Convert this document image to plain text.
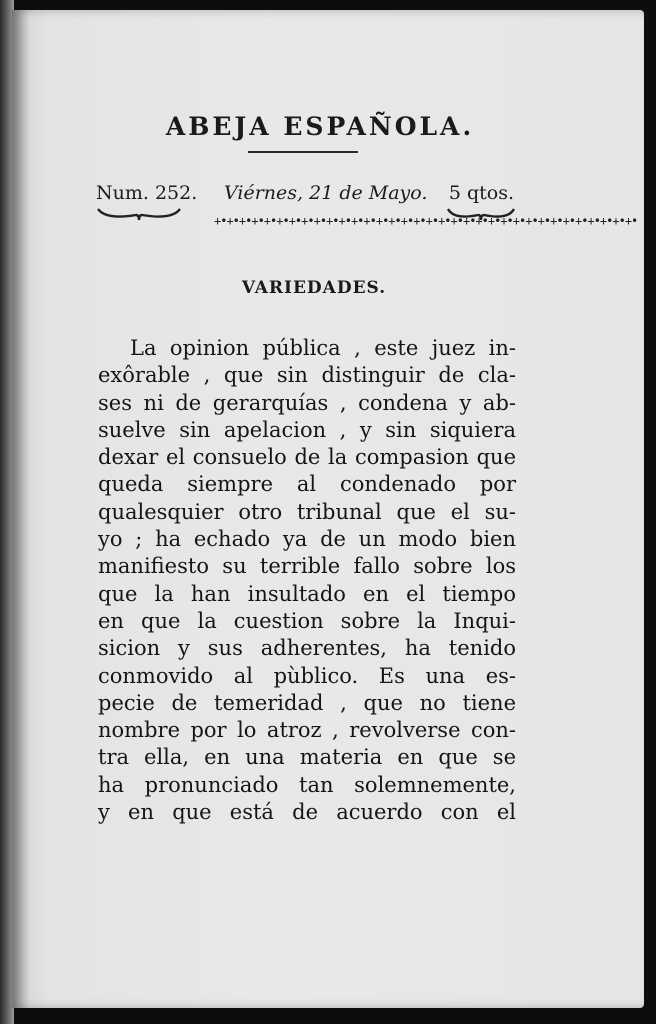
ABEJA ESPAÑOLA.
Num. 252. Viérnes, 21 de Mayo. 5 qtos.
+•+•+•+•+•+•+•+•+•+•+•+•+•+•+•+•+•+•+•+•+•+•+•+•+•+•+•+•+•+•+•+•+•+•
VARIEDADES.
La opinion pública , este juez in-
exôrable , que sin distinguir de cla-
ses ni de gerarquías , condena y ab-
suelve sin apelacion , y sin siquiera
dexar el consuelo de la compasion que
queda siempre al condenado por
qualesquier otro tribunal que el su-
yo ; ha echado ya de un modo bien
manifiesto su terrible fallo sobre los
que la han insultado en el tiempo
en que la cuestion sobre la Inqui-
sicion y sus adherentes, ha tenido
conmovido al pùblico. Es una es-
pecie de temeridad , que no tiene
nombre por lo atroz , revolverse con-
tra ella, en una materia en que se
ha pronunciado tan solemnemente,
y en que está de acuerdo con el
